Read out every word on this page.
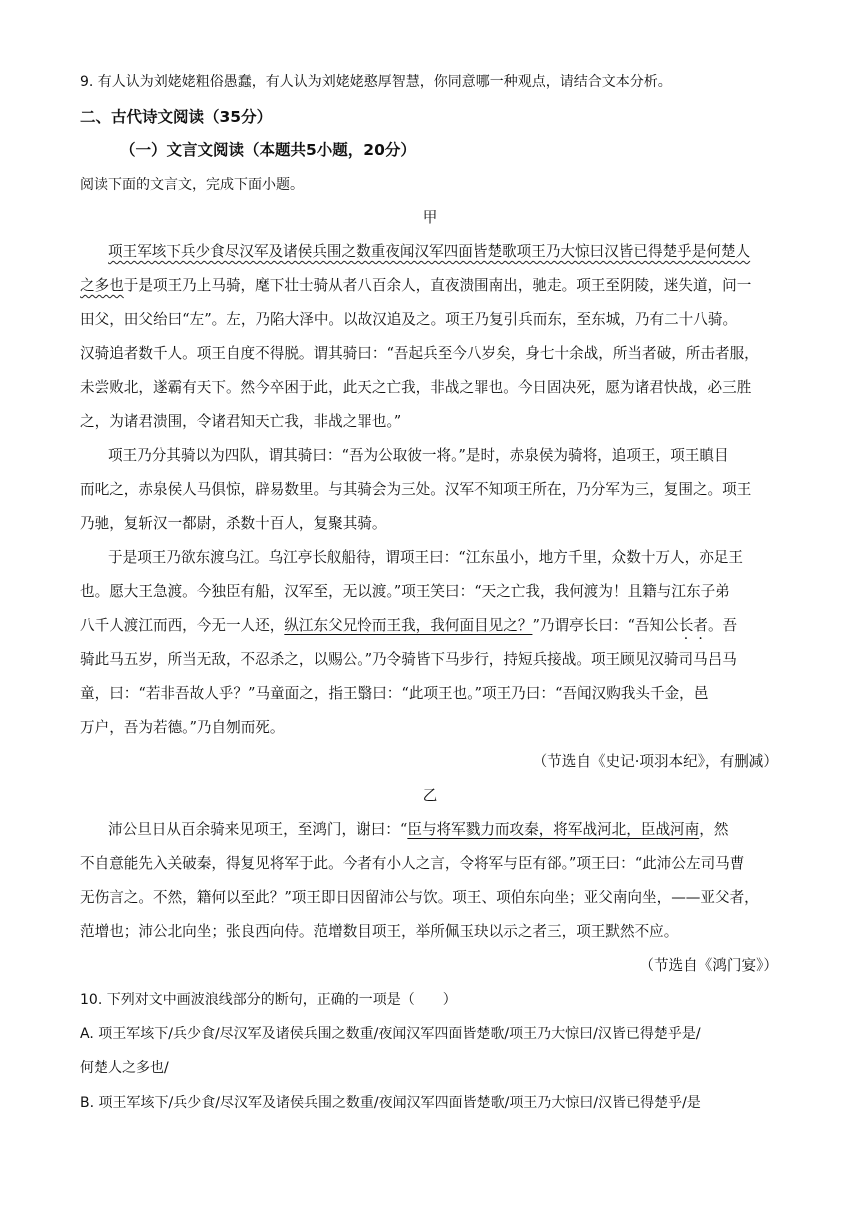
9. 有人认为刘姥姥粗俗愚蠢，有人认为刘姥姥憨厚智慧，你同意哪一种观点，请结合文本分析。
二、古代诗文阅读（35分）
（一）文言文阅读（本题共5小题，20分）
阅读下面的文言文，完成下面小题。
甲
项王军垓下兵少食尽汉军及诸侯兵围之数重夜闻汉军四面皆楚歌项王乃大惊曰汉皆已得楚乎是何楚人
之多也于是项王乃上马骑，麾下壮士骑从者八百余人，直夜溃围南出，驰走。项王至阴陵，迷失道，问一
田父，田父绐曰“左”。左，乃陷大泽中。以故汉追及之。项王乃复引兵而东，至东城，乃有二十八骑。
汉骑追者数千人。项王自度不得脱。谓其骑曰：“吾起兵至今八岁矣，身七十余战，所当者破，所击者服，
未尝败北，遂霸有天下。然今卒困于此，此天之亡我，非战之罪也。今日固决死，愿为诸君快战，必三胜
之，为诸君溃围，令诸君知天亡我，非战之罪也。”
项王乃分其骑以为四队，谓其骑曰：“吾为公取彼一将。”是时，赤泉侯为骑将，追项王，项王瞋目
而叱之，赤泉侯人马俱惊，辟易数里。与其骑会为三处。汉军不知项王所在，乃分军为三，复围之。项王
乃驰，复斩汉一都尉，杀数十百人，复聚其骑。
于是项王乃欲东渡乌江。乌江亭长舣船待，谓项王曰：“江东虽小，地方千里，众数十万人，亦足王
也。愿大王急渡。今独臣有船，汉军至，无以渡。”项王笑曰：“天之亡我，我何渡为！且籍与江东子弟
八千人渡江而西，今无一人还，纵江东父兄怜而王我，我何面目见之？”乃谓亭长曰：“吾知公长者。吾
骑此马五岁，所当无敌，不忍杀之，以赐公。”乃令骑皆下马步行，持短兵接战。项王顾见汉骑司马吕马
童，曰：“若非吾故人乎？”马童面之，指王翳曰：“此项王也。”项王乃曰：“吾闻汉购我头千金，邑
万户，吾为若德。”乃自刎而死。
（节选自《史记·项羽本纪》，有删减）
乙
沛公旦日从百余骑来见项王，至鸿门，谢曰：“臣与将军戮力而攻秦，将军战河北，臣战河南，然
不自意能先入关破秦，得复见将军于此。今者有小人之言，令将军与臣有郤。”项王曰：“此沛公左司马曹
无伤言之。不然，籍何以至此？”项王即日因留沛公与饮。项王、项伯东向坐；亚父南向坐，——亚父者，
范增也；沛公北向坐；张良西向侍。范增数目项王，举所佩玉玦以示之者三，项王默然不应。
（节选自《鸿门宴》）
10. 下列对文中画波浪线部分的断句，正确的一项是（　　）
A. 项王军垓下/兵少食/尽汉军及诸侯兵围之数重/夜闻汉军四面皆楚歌/项王乃大惊曰/汉皆已得楚乎是/
何楚人之多也/
B. 项王军垓下/兵少食/尽汉军及诸侯兵围之数重/夜闻汉军四面皆楚歌/项王乃大惊曰/汉皆已得楚乎/是
